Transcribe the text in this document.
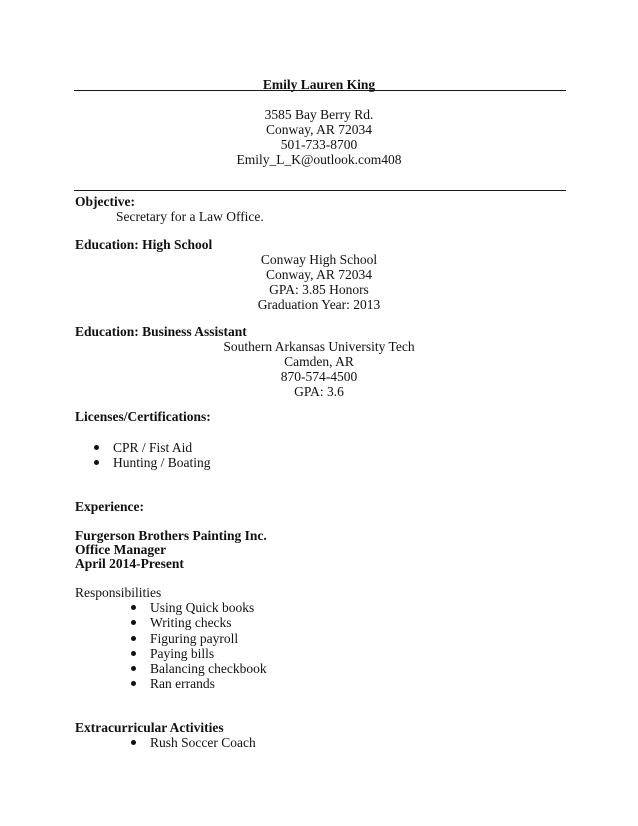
Emily Lauren King
3585 Bay Berry Rd.
Conway, AR 72034
501-733-8700
Emily_L_K@outlook.com408
Objective:
Secretary for a Law Office.
Education: High School
Conway High School
Conway, AR 72034
GPA: 3.85 Honors
Graduation Year: 2013
Education: Business Assistant
Southern Arkansas University Tech
Camden, AR
870-574-4500
GPA: 3.6
Licenses/Certifications:
CPR / Fist Aid
Hunting / Boating
Experience:
Furgerson Brothers Painting Inc.
Office Manager
April 2014-Present
Responsibilities
Using Quick books
Writing checks
Figuring payroll
Paying bills
Balancing checkbook
Ran errands
Extracurricular Activities
Rush Soccer Coach
